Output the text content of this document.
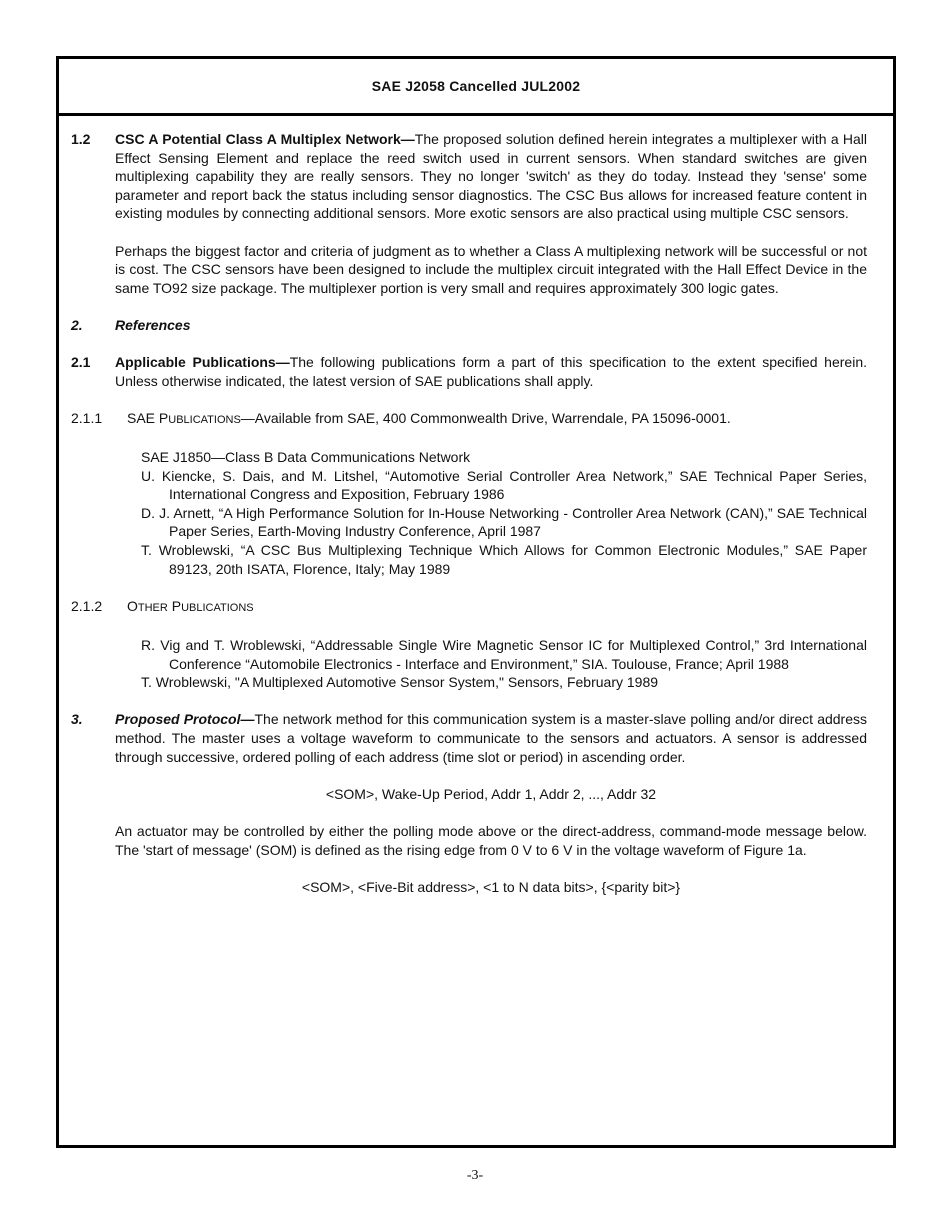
SAE J2058 Cancelled JUL2002
1.2	CSC A Potential Class A Multiplex Network—The proposed solution defined herein integrates a multiplexer with a Hall Effect Sensing Element and replace the reed switch used in current sensors. When standard switches are given multiplexing capability they are really sensors. They no longer 'switch' as they do today. Instead they 'sense' some parameter and report back the status including sensor diagnostics. The CSC Bus allows for increased feature content in existing modules by connecting additional sensors. More exotic sensors are also practical using multiple CSC sensors.
Perhaps the biggest factor and criteria of judgment as to whether a Class A multiplexing network will be successful or not is cost. The CSC sensors have been designed to include the multiplex circuit integrated with the Hall Effect Device in the same TO92 size package. The multiplexer portion is very small and requires approximately 300 logic gates.
2.	References
2.1	Applicable Publications—The following publications form a part of this specification to the extent specified herein. Unless otherwise indicated, the latest version of SAE publications shall apply.
2.1.1	SAE PUBLICATIONS—Available from SAE, 400 Commonwealth Drive, Warrendale, PA 15096-0001.
SAE J1850—Class B Data Communications Network
U. Kiencke, S. Dais, and M. Litshel, “Automotive Serial Controller Area Network,” SAE Technical Paper Series, International Congress and Exposition, February 1986
D. J. Arnett, “A High Performance Solution for In-House Networking - Controller Area Network (CAN),” SAE Technical Paper Series, Earth-Moving Industry Conference, April 1987
T. Wroblewski, “A CSC Bus Multiplexing Technique Which Allows for Common Electronic Modules,” SAE Paper 89123, 20th ISATA, Florence, Italy; May 1989
2.1.2	OTHER PUBLICATIONS
R. Vig and T. Wroblewski, “Addressable Single Wire Magnetic Sensor IC for Multiplexed Control,” 3rd International Conference “Automobile Electronics - Interface and Environment,” SIA. Toulouse, France; April 1988
T. Wroblewski, "A Multiplexed Automotive Sensor System," Sensors, February 1989
3.	Proposed Protocol—The network method for this communication system is a master-slave polling and/or direct address method. The master uses a voltage waveform to communicate to the sensors and actuators. A sensor is addressed through successive, ordered polling of each address (time slot or period) in ascending order.
<SOM>, Wake-Up Period, Addr 1, Addr 2, ..., Addr 32
An actuator may be controlled by either the polling mode above or the direct-address, command-mode message below. The 'start of message' (SOM) is defined as the rising edge from 0 V to 6 V in the voltage waveform of Figure 1a.
<SOM>, <Five-Bit address>, <1 to N data bits>, {<parity bit>}
-3-
